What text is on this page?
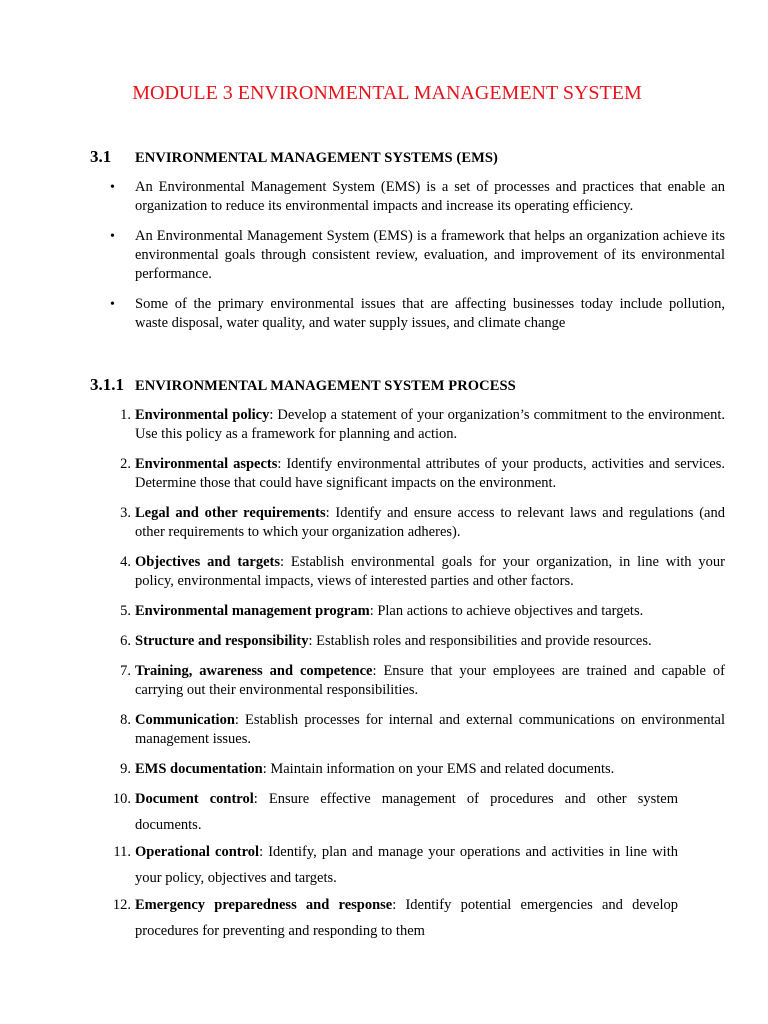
MODULE 3 ENVIRONMENTAL MANAGEMENT SYSTEM
3.1	ENVIRONMENTAL MANAGEMENT SYSTEMS (EMS)
• An Environmental Management System (EMS) is a set of processes and practices that enable an organization to reduce its environmental impacts and increase its operating efficiency.
• An Environmental Management System (EMS) is a framework that helps an organization achieve its environmental goals through consistent review, evaluation, and improvement of its environmental performance.
• Some of the primary environmental issues that are affecting businesses today include pollution, waste disposal, water quality, and water supply issues, and climate change
3.1.1 ENVIRONMENTAL MANAGEMENT SYSTEM PROCESS
1. Environmental policy: Develop a statement of your organization’s commitment to the environment. Use this policy as a framework for planning and action.
2. Environmental aspects: Identify environmental attributes of your products, activities and services. Determine those that could have significant impacts on the environment.
3. Legal and other requirements: Identify and ensure access to relevant laws and regulations (and other requirements to which your organization adheres).
4. Objectives and targets: Establish environmental goals for your organization, in line with your policy, environmental impacts, views of interested parties and other factors.
5. Environmental management program: Plan actions to achieve objectives and targets.
6. Structure and responsibility: Establish roles and responsibilities and provide resources.
7. Training, awareness and competence: Ensure that your employees are trained and capable of carrying out their environmental responsibilities.
8. Communication: Establish processes for internal and external communications on environmental management issues.
9. EMS documentation: Maintain information on your EMS and related documents.
10. Document control: Ensure effective management of procedures and other system documents.
11. Operational control: Identify, plan and manage your operations and activities in line with your policy, objectives and targets.
12. Emergency preparedness and response: Identify potential emergencies and develop procedures for preventing and responding to them
